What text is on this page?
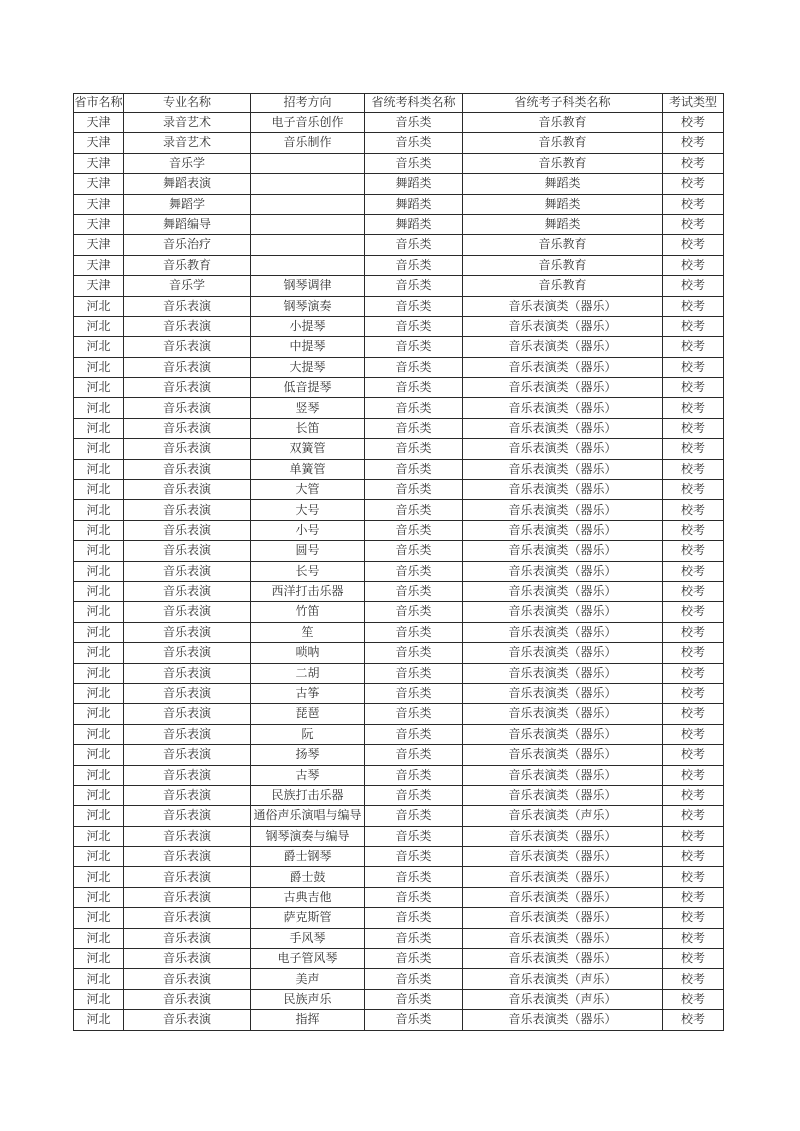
省市名称	专业名称	招考方向	省统考科类名称	省统考子科类名称	考试类型
天津	录音艺术	电子音乐创作	音乐类	音乐教育	校考
天津	录音艺术	音乐制作	音乐类	音乐教育	校考
天津	音乐学		音乐类	音乐教育	校考
天津	舞蹈表演		舞蹈类	舞蹈类	校考
天津	舞蹈学		舞蹈类	舞蹈类	校考
天津	舞蹈编导		舞蹈类	舞蹈类	校考
天津	音乐治疗		音乐类	音乐教育	校考
天津	音乐教育		音乐类	音乐教育	校考
天津	音乐学	钢琴调律	音乐类	音乐教育	校考
河北	音乐表演	钢琴演奏	音乐类	音乐表演类（器乐）	校考
河北	音乐表演	小提琴	音乐类	音乐表演类（器乐）	校考
河北	音乐表演	中提琴	音乐类	音乐表演类（器乐）	校考
河北	音乐表演	大提琴	音乐类	音乐表演类（器乐）	校考
河北	音乐表演	低音提琴	音乐类	音乐表演类（器乐）	校考
河北	音乐表演	竖琴	音乐类	音乐表演类（器乐）	校考
河北	音乐表演	长笛	音乐类	音乐表演类（器乐）	校考
河北	音乐表演	双簧管	音乐类	音乐表演类（器乐）	校考
河北	音乐表演	单簧管	音乐类	音乐表演类（器乐）	校考
河北	音乐表演	大管	音乐类	音乐表演类（器乐）	校考
河北	音乐表演	大号	音乐类	音乐表演类（器乐）	校考
河北	音乐表演	小号	音乐类	音乐表演类（器乐）	校考
河北	音乐表演	圆号	音乐类	音乐表演类（器乐）	校考
河北	音乐表演	长号	音乐类	音乐表演类（器乐）	校考
河北	音乐表演	西洋打击乐器	音乐类	音乐表演类（器乐）	校考
河北	音乐表演	竹笛	音乐类	音乐表演类（器乐）	校考
河北	音乐表演	笙	音乐类	音乐表演类（器乐）	校考
河北	音乐表演	唢呐	音乐类	音乐表演类（器乐）	校考
河北	音乐表演	二胡	音乐类	音乐表演类（器乐）	校考
河北	音乐表演	古筝	音乐类	音乐表演类（器乐）	校考
河北	音乐表演	琵琶	音乐类	音乐表演类（器乐）	校考
河北	音乐表演	阮	音乐类	音乐表演类（器乐）	校考
河北	音乐表演	扬琴	音乐类	音乐表演类（器乐）	校考
河北	音乐表演	古琴	音乐类	音乐表演类（器乐）	校考
河北	音乐表演	民族打击乐器	音乐类	音乐表演类（器乐）	校考
河北	音乐表演	通俗声乐演唱与编导	音乐类	音乐表演类（声乐）	校考
河北	音乐表演	钢琴演奏与编导	音乐类	音乐表演类（器乐）	校考
河北	音乐表演	爵士钢琴	音乐类	音乐表演类（器乐）	校考
河北	音乐表演	爵士鼓	音乐类	音乐表演类（器乐）	校考
河北	音乐表演	古典吉他	音乐类	音乐表演类（器乐）	校考
河北	音乐表演	萨克斯管	音乐类	音乐表演类（器乐）	校考
河北	音乐表演	手风琴	音乐类	音乐表演类（器乐）	校考
河北	音乐表演	电子管风琴	音乐类	音乐表演类（器乐）	校考
河北	音乐表演	美声	音乐类	音乐表演类（声乐）	校考
河北	音乐表演	民族声乐	音乐类	音乐表演类（声乐）	校考
河北	音乐表演	指挥	音乐类	音乐表演类（器乐）	校考
